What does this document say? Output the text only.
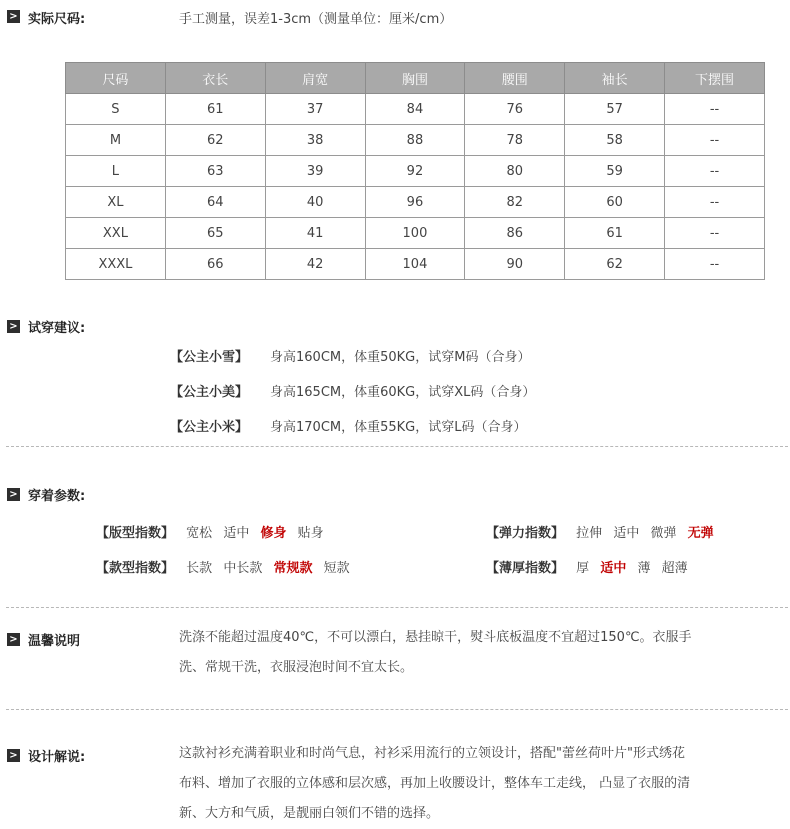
> 实际尺码:	手工测量，误差1-3cm（测量单位：厘米/cm）
尺码	衣长	肩宽	胸围	腰围	袖长	下摆围
S	61	37	84	76	57	--
M	62	38	88	78	58	--
L	63	39	92	80	59	--
XL	64	40	96	82	60	--
XXL	65	41	100	86	61	--
XXXL	66	42	104	90	62	--
> 试穿建议:
【公主小雪】 身高160CM，体重50KG，试穿M码（合身）
【公主小美】 身高165CM，体重60KG，试穿XL码（合身）
【公主小米】 身高170CM，体重55KG，试穿L码（合身）
> 穿着参数:
【版型指数】 宽松 适中 修身 贴身	【弹力指数】 拉伸 适中 微弹 无弹
【款型指数】 长款 中长款 常规款 短款	【薄厚指数】 厚 适中 薄 超薄
> 温馨说明	洗涤不能超过温度40℃，不可以漂白，悬挂晾干，熨斗底板温度不宜超过150℃。衣服手
洗、常规干洗，衣服浸泡时间不宜太长。
> 设计解说:	这款衬衫充满着职业和时尚气息，衬衫采用流行的立领设计，搭配"蕾丝荷叶片"形式绣花
布料、增加了衣服的立体感和层次感，再加上收腰设计，整体车工走线， 凸显了衣服的清
新、大方和气质，是靓丽白领们不错的选择。
